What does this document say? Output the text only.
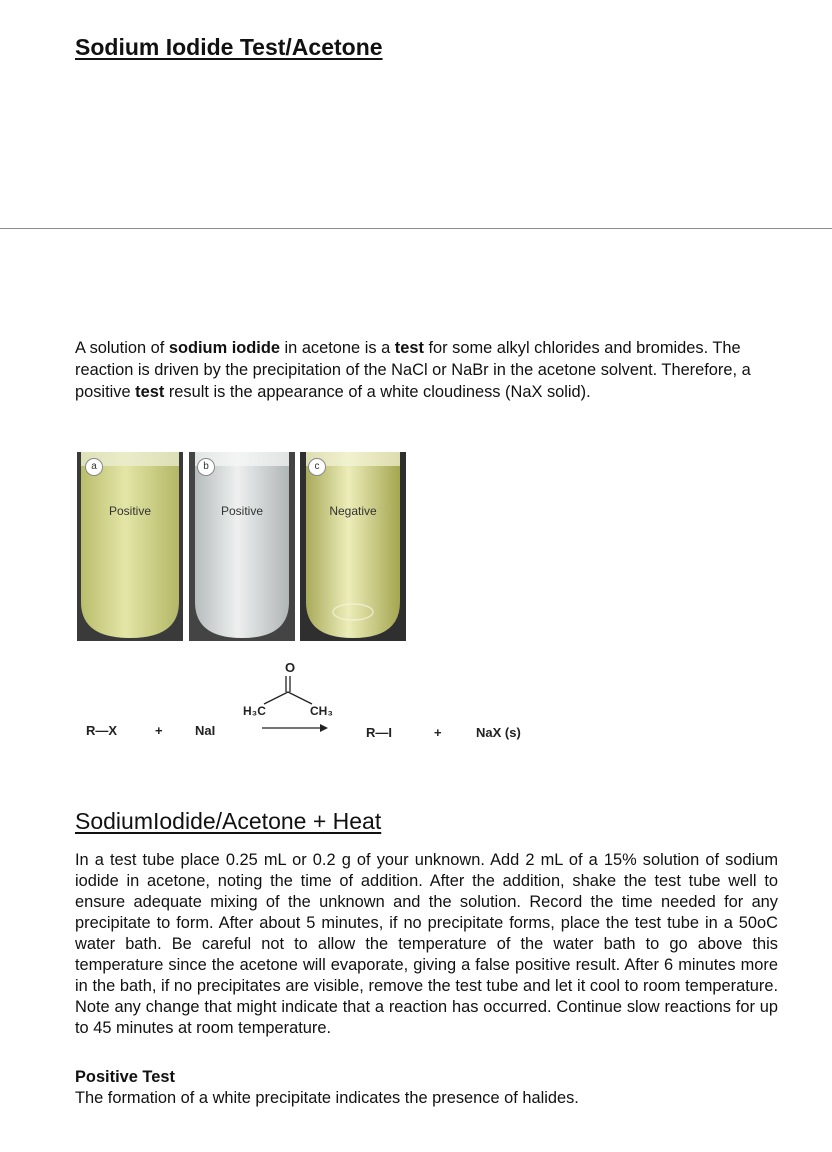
Sodium Iodide Test/Acetone

A solution of sodium iodide in acetone is a test for some alkyl chlorides and bromides. The reaction is driven by the precipitation of the NaCl or NaBr in the acetone solvent. Therefore, a positive test result is the appearance of a white cloudiness (NaX solid).

a
Positive
b
Positive
c
Negative
R—X	+ NaI
O
H₃C	CH₃
R—I	+	NaX (s)
SodiumIodide/Acetone + Heat

In a test tube place 0.25 mL or 0.2 g of your unknown. Add 2 mL of a 15% solution of sodium iodide in acetone, noting the time of addition. After the addition, shake the test tube well to ensure adequate mixing of the unknown and the solution. Record the time needed for any precipitate to form. After about 5 minutes, if no precipitate forms, place the test tube in a 50oC water bath. Be careful not to allow the temperature of the water bath to go above this temperature since the acetone will evaporate, giving a false positive result. After 6 minutes more in the bath, if no precipitates are visible, remove the test tube and let it cool to room temperature. Note any change that might indicate that a reaction has occurred. Continue slow reactions for up to 45 minutes at room temperature.

Positive Test

The formation of a white precipitate indicates the presence of halides.
